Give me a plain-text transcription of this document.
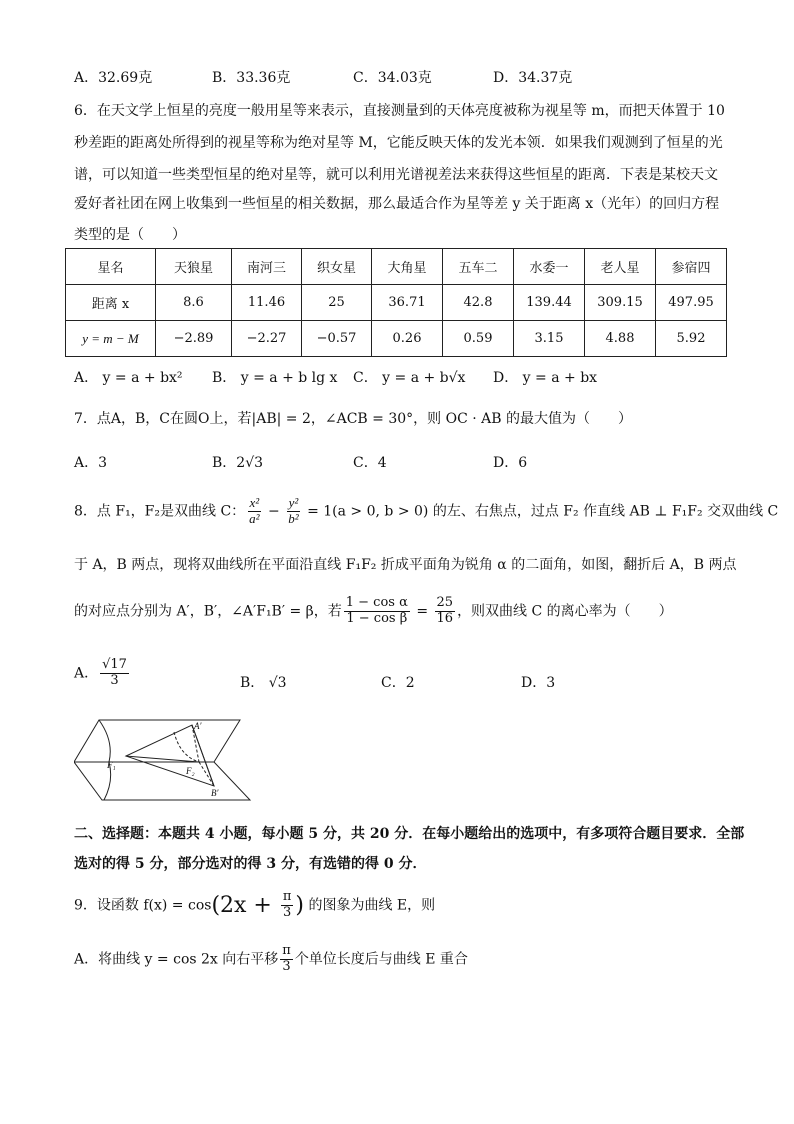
A．32.69克	B．33.36克	C．34.03克	D．34.37克
6．在天文学上恒星的亮度一般用星等来表示，直接测量到的天体亮度被称为视星等 m，而把天体置于 10
秒差距的距离处所得到的视星等称为绝对星等 M，它能反映天体的发光本领．如果我们观测到了恒星的光
谱，可以知道一些类型恒星的绝对星等，就可以利用光谱视差法来获得这些恒星的距离．下表是某校天文
爱好者社团在网上收集到一些恒星的相关数据，那么最适合作为星等差 y 关于距离 x（光年）的回归方程
类型的是（　　）
星名	天狼星	南河三	织女星	大角星	五车二	水委一	老人星	参宿四
距离 x	8.6	11.46	25	36.71	42.8	139.44	309.15	497.95
y = m − M	−2.89	−2.27	−0.57	0.26	0.59	3.15	4.88	5.92
A． y = a + bx² B． y = a + b lg x C． y = a + b√x D． y = a + bx
7．点A，B，C在圆O上，若|AB| = 2，∠ACB = 30°，则 OC · AB 的最大值为（　　）
A．3	B．2√3	C．4	D．6
8．点 F₁，F₂是双曲线 C： $\frac{\text{x²}}{\text{a²}} - \frac{\text{y²}}{\text{b²}} = 1(a > 0$, b > 0) 的左、右焦点，过点 F₂ 作直线 AB ⊥ F₁F₂ 交双曲线 C
于 A，B 两点，现将双曲线所在平面沿直线 F₁F₂ 折成平面角为锐角 α 的二面角，如图，翻折后 A，B 两点
的对应点分别为 A′，B′，∠A′F₁B′ = β，若 $\frac{\text{1 − cos α}}{\text{1 − cos β}} = \frac{25}{16}$ ，则双曲线 C 的离心率为（　　）
A． $\frac{√17}{3}$	B． √3	C．2	D．3
A′
B′
F₁
F₂
二、选择题：本题共 4 小题，每小题 5 分，共 20 分．在每小题给出的选项中，有多项符合题目要求．全部
选对的得 5 分，部分选对的得 3 分，有选错的得 0 分．
9．设函数 $f(x) = \cos(2x + \frac{\pi}{3}$ ) 的图象为曲线 E，则
A．将曲线 y = cos 2x 向右平移 $\frac{\pi}{3}$ 个单位长度后与曲线 E 重合
